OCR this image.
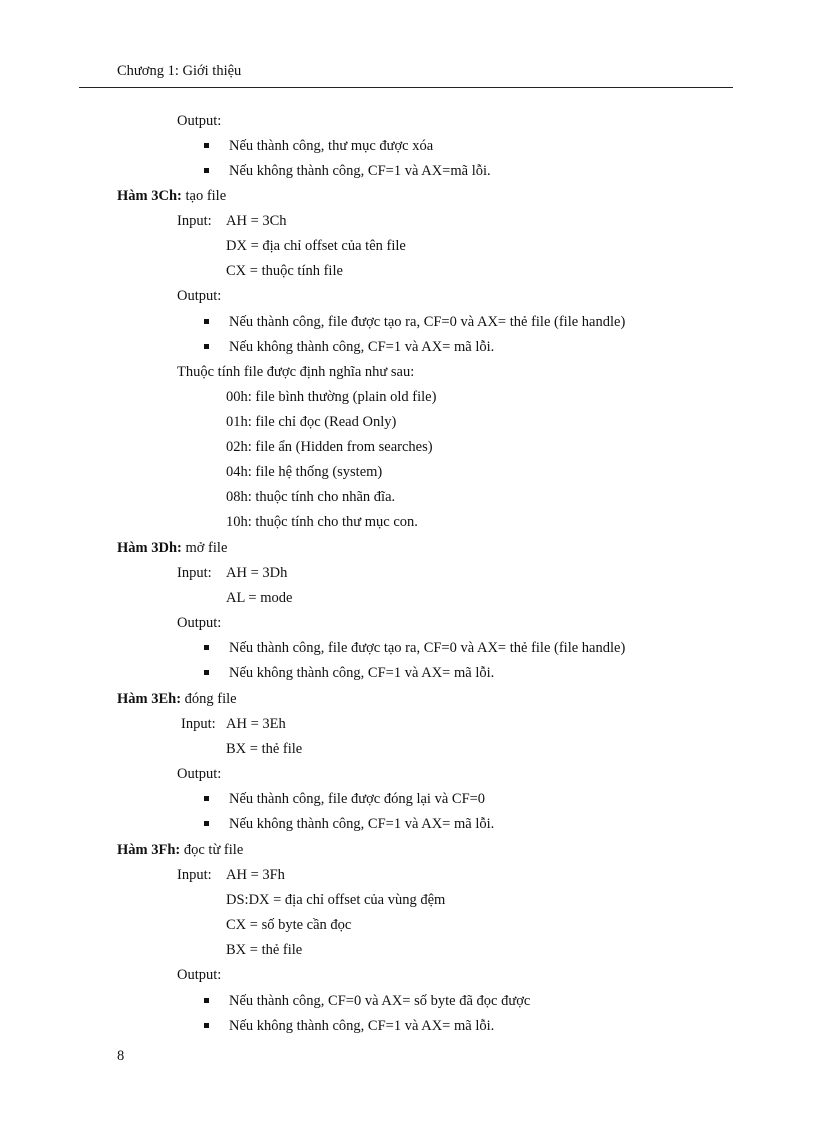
Chương 1: Giới thiệu
Output:
Nếu thành công, thư mục được xóa
Nếu không thành công, CF=1 và AX=mã lỗi.
Hàm 3Ch: tạo file
Input: AH = 3Ch
DX = địa chỉ offset của tên file
CX = thuộc tính file
Output:
Nếu thành công, file được tạo ra, CF=0 và AX= thẻ file (file handle)
Nếu không thành công, CF=1 và AX= mã lỗi.
Thuộc tính file được định nghĩa như sau:
00h: file bình thường (plain old file)
01h: file chỉ đọc (Read Only)
02h: file ẩn (Hidden from searches)
04h: file hệ thống (system)
08h: thuộc tính cho nhãn đĩa.
10h: thuộc tính cho thư mục con.
Hàm 3Dh: mở file
Input: AH = 3Dh
AL = mode
Output:
Nếu thành công, file được tạo ra, CF=0 và AX= thẻ file (file handle)
Nếu không thành công, CF=1 và AX= mã lỗi.
Hàm 3Eh: đóng file
Input: AH = 3Eh
BX = thẻ file
Output:
Nếu thành công, file được đóng lại và CF=0
Nếu không thành công, CF=1 và AX= mã lỗi.
Hàm 3Fh: đọc từ file
Input: AH = 3Fh
DS:DX = địa chỉ offset của vùng đệm
CX = số byte cần đọc
BX = thẻ file
Output:
Nếu thành công, CF=0 và AX= số byte đã đọc được
Nếu không thành công, CF=1 và AX= mã lỗi.
8
